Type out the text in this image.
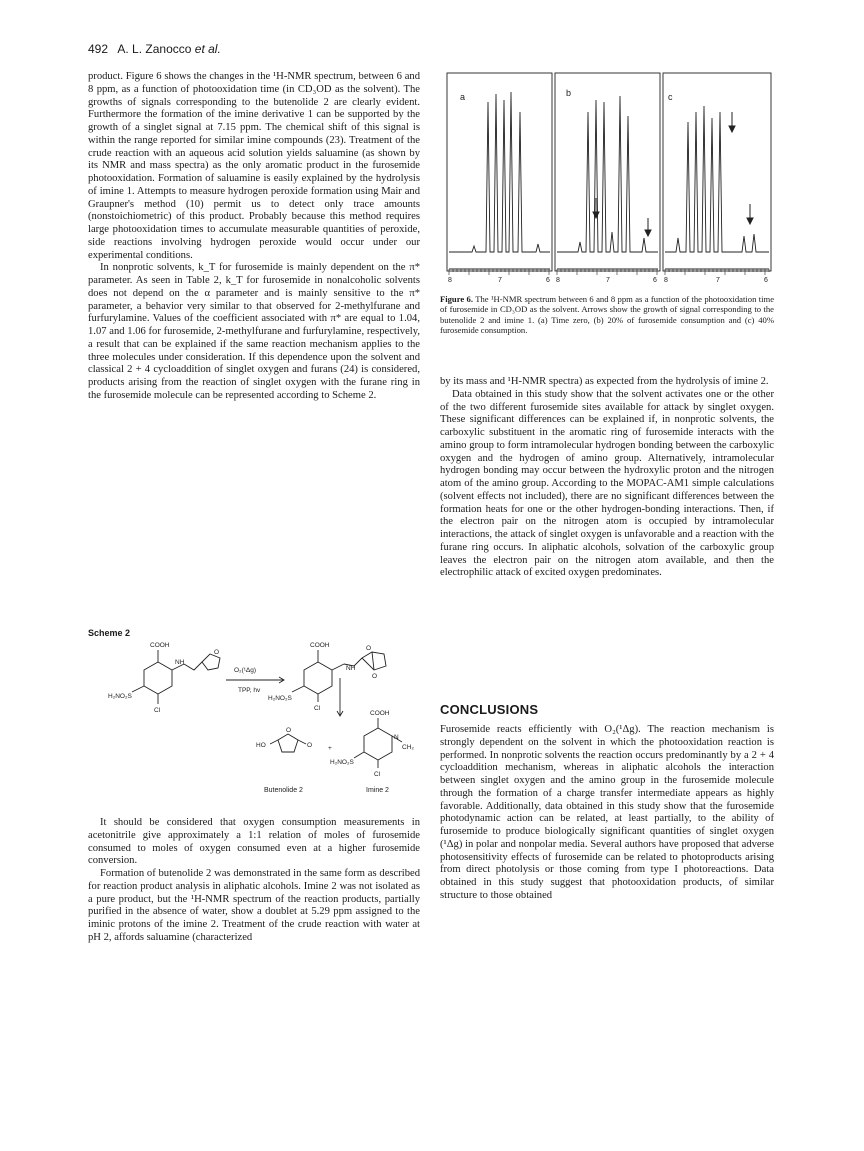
492 A. L. Zanocco et al.

product. Figure 6 shows the changes in the ¹H-NMR spectrum, between 6 and 8 ppm, as a function of photooxidation time (in CD₃OD as the solvent). The growths of signals corresponding to the butenolide 2 are clearly evident. Furthermore the formation of the imine derivative 1 can be supported by the growth of a singlet signal at 7.15 ppm. The chemical shift of this signal is within the range reported for similar imine compounds (23). Treatment of the crude reaction with an aqueous acid solution yields saluamine (as shown by its NMR and mass spectra) as the only aromatic product in the furosemide photooxidation. Formation of saluamine is easily explained by the hydrolysis of imine 1. Attempts to measure hydrogen peroxide formation using Mair and Graupner's method (10) permit us to detect only trace amounts (nonstoichiometric) of this product. Probably because this method requires large photooxidation times to accumulate measurable quantities of peroxide, side reactions involving hydrogen peroxide would occur under our experimental conditions.

In nonprotic solvents, k_T for furosemide is mainly dependent on the π* parameter. As seen in Table 2, k_T for furosemide in nonalcoholic solvents does not depend on the α parameter and is mainly sensitive to the π* parameter, a behavior very similar to that observed for 2-methylfurane and furfurylamine. Values of the coefficient associated with π* are equal to 1.04, 1.07 and 1.06 for furosemide, 2-methylfurane and furfurylamine, respectively, a result that can be explained if the same reaction mechanism applies to the three molecules under consideration. If this dependence upon the solvent and classical 2 + 4 cycloaddition of singlet oxygen and furans (24) is considered, products arising from the reaction of singlet oxygen with the furane ring in the furosemide molecule can be represented according to Scheme 2.

Scheme 2
COOH
NH
O
H₂NO₂S
Cl
O₂(¹Δg)
TPP, hv
COOH
NH
O
O
H₂NO₂S
Cl
HO
O
O +
COOH
N
CH₂
H₂NO₂S
Cl
Butenolide 2	Imine 2

It should be considered that oxygen consumption measurements in acetonitrile give approximately a 1:1 relation of moles of furosemide consumed to moles of oxygen consumed even at a higher furosemide conversion.

Formation of butenolide 2 was demonstrated in the same form as described for reaction product analysis in aliphatic alcohols. Imine 2 was not isolated as a pure product, but the ¹H-NMR spectrum of the reaction products, partially purified in the absence of water, show a doublet at 5.29 ppm assigned to the iminic protons of the imine 2. Treatment of the crude reaction with water at pH 2, affords saluamine (characterized

a	b	c
8	7	6 8	7	6 8	7	6
Figure 6. The ¹H-NMR spectrum between 6 and 8 ppm as a function of the photooxidation time of furosemide in CD₃OD as the solvent. Arrows show the growth of signal corresponding to the butenolide 2 and imine 1. (a) Time zero, (b) 20% of furosemide consumption and (c) 40% furosemide consumption.

by its mass and ¹H-NMR spectra) as expected from the hydrolysis of imine 2.

Data obtained in this study show that the solvent activates one or the other of the two different furosemide sites available for attack by singlet oxygen. These significant differences can be explained if, in nonprotic solvents, the carboxylic substituent in the aromatic ring of furosemide interacts with the amino group to form intramolecular hydrogen bonding between the carboxylic oxygen and the hydrogen of amino group. Alternatively, intramolecular hydrogen bonding may occur between the hydroxylic proton and the nitrogen atom of the amino group. According to the MOPAC-AM1 simple calculations (solvent effects not included), there are no significant differences between the formation heats for one or the other hydrogen-bonding interactions. Then, if the electron pair on the nitrogen atom is occupied by intramolecular interactions, the attack of singlet oxygen is unfavorable and a reaction with the furane ring occurs. In aliphatic alcohols, solvation of the carboxylic group leaves the electron pair on the nitrogen atom available, and then the electrophilic attack of excited oxygen predominates.

CONCLUSIONS

Furosemide reacts efficiently with O₂(¹Δg). The reaction mechanism is strongly dependent on the solvent in which the photooxidation reaction is performed. In nonprotic solvents the reaction occurs predominantly by a 2 + 4 cycloaddition mechanism, whereas in aliphatic alcohols the interaction between singlet oxygen and the amino group in the furosemide molecule through the formation of a charge transfer intermediate appears as highly favorable. Additionally, data obtained in this study show that the furosemide photodynamic action can be related, at least partially, to the ability of furosemide to produce biologically significant quantities of singlet oxygen (¹Δg) in polar and nonpolar media. Several authors have proposed that adverse photosensitivity effects of furosemide can be related to photoproducts arising from direct photolysis or those coming from type I photoreactions. Data obtained in this study suggest that photooxidation products, of similar structure to those obtained
